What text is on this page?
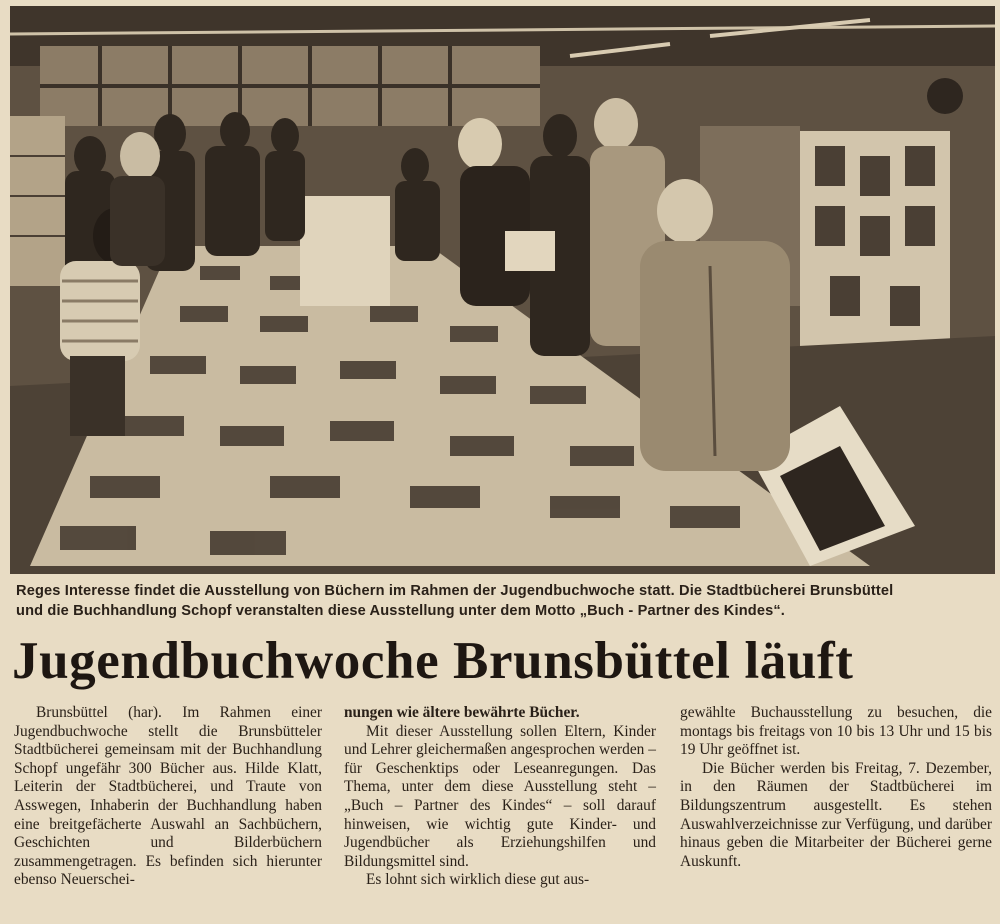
Reges Interesse findet die Ausstellung von Büchern im Rahmen der Jugendbuchwoche statt. Die Stadtbücherei Brunsbüttel
und die Buchhandlung Schopf veranstalten diese Ausstellung unter dem Motto „Buch - Partner des Kindes“.
Jugendbuchwoche Brunsbüttel läuft

Brunsbüttel (har). Im Rahmen einer Jugendbuchwoche stellt die Brunsbütteler Stadtbücherei gemeinsam mit der Buchhandlung Schopf ungefähr 300 Bücher aus. Hilde Klatt, Leiterin der Stadtbücherei, und Traute von Asswegen, Inhaberin der Buchhandlung haben eine breitgefächerte Auswahl an Sachbüchern, Geschichten und Bilderbüchern zusammengetragen. Es befinden sich hierunter ebenso Neuerschei-

nungen wie ältere bewährte Bücher.

Mit dieser Ausstellung sollen Eltern, Kinder und Lehrer gleichermaßen angesprochen werden – für Geschenktips oder Leseanregungen. Das Thema, unter dem diese Ausstellung steht – „Buch – Partner des Kindes“ – soll darauf hinweisen, wie wichtig gute Kinder- und Jugendbücher als Erziehungshilfen und Bildungsmittel sind.

Es lohnt sich wirklich diese gut aus-

gewählte Buchausstellung zu besuchen, die montags bis freitags von 10 bis 13 Uhr und 15 bis 19 Uhr geöffnet ist.

Die Bücher werden bis Freitag, 7. Dezember, in den Räumen der Stadtbücherei im Bildungszentrum ausgestellt. Es stehen Auswahlverzeichnisse zur Verfügung, und darüber hinaus geben die Mitarbeiter der Bücherei gerne Auskunft.
